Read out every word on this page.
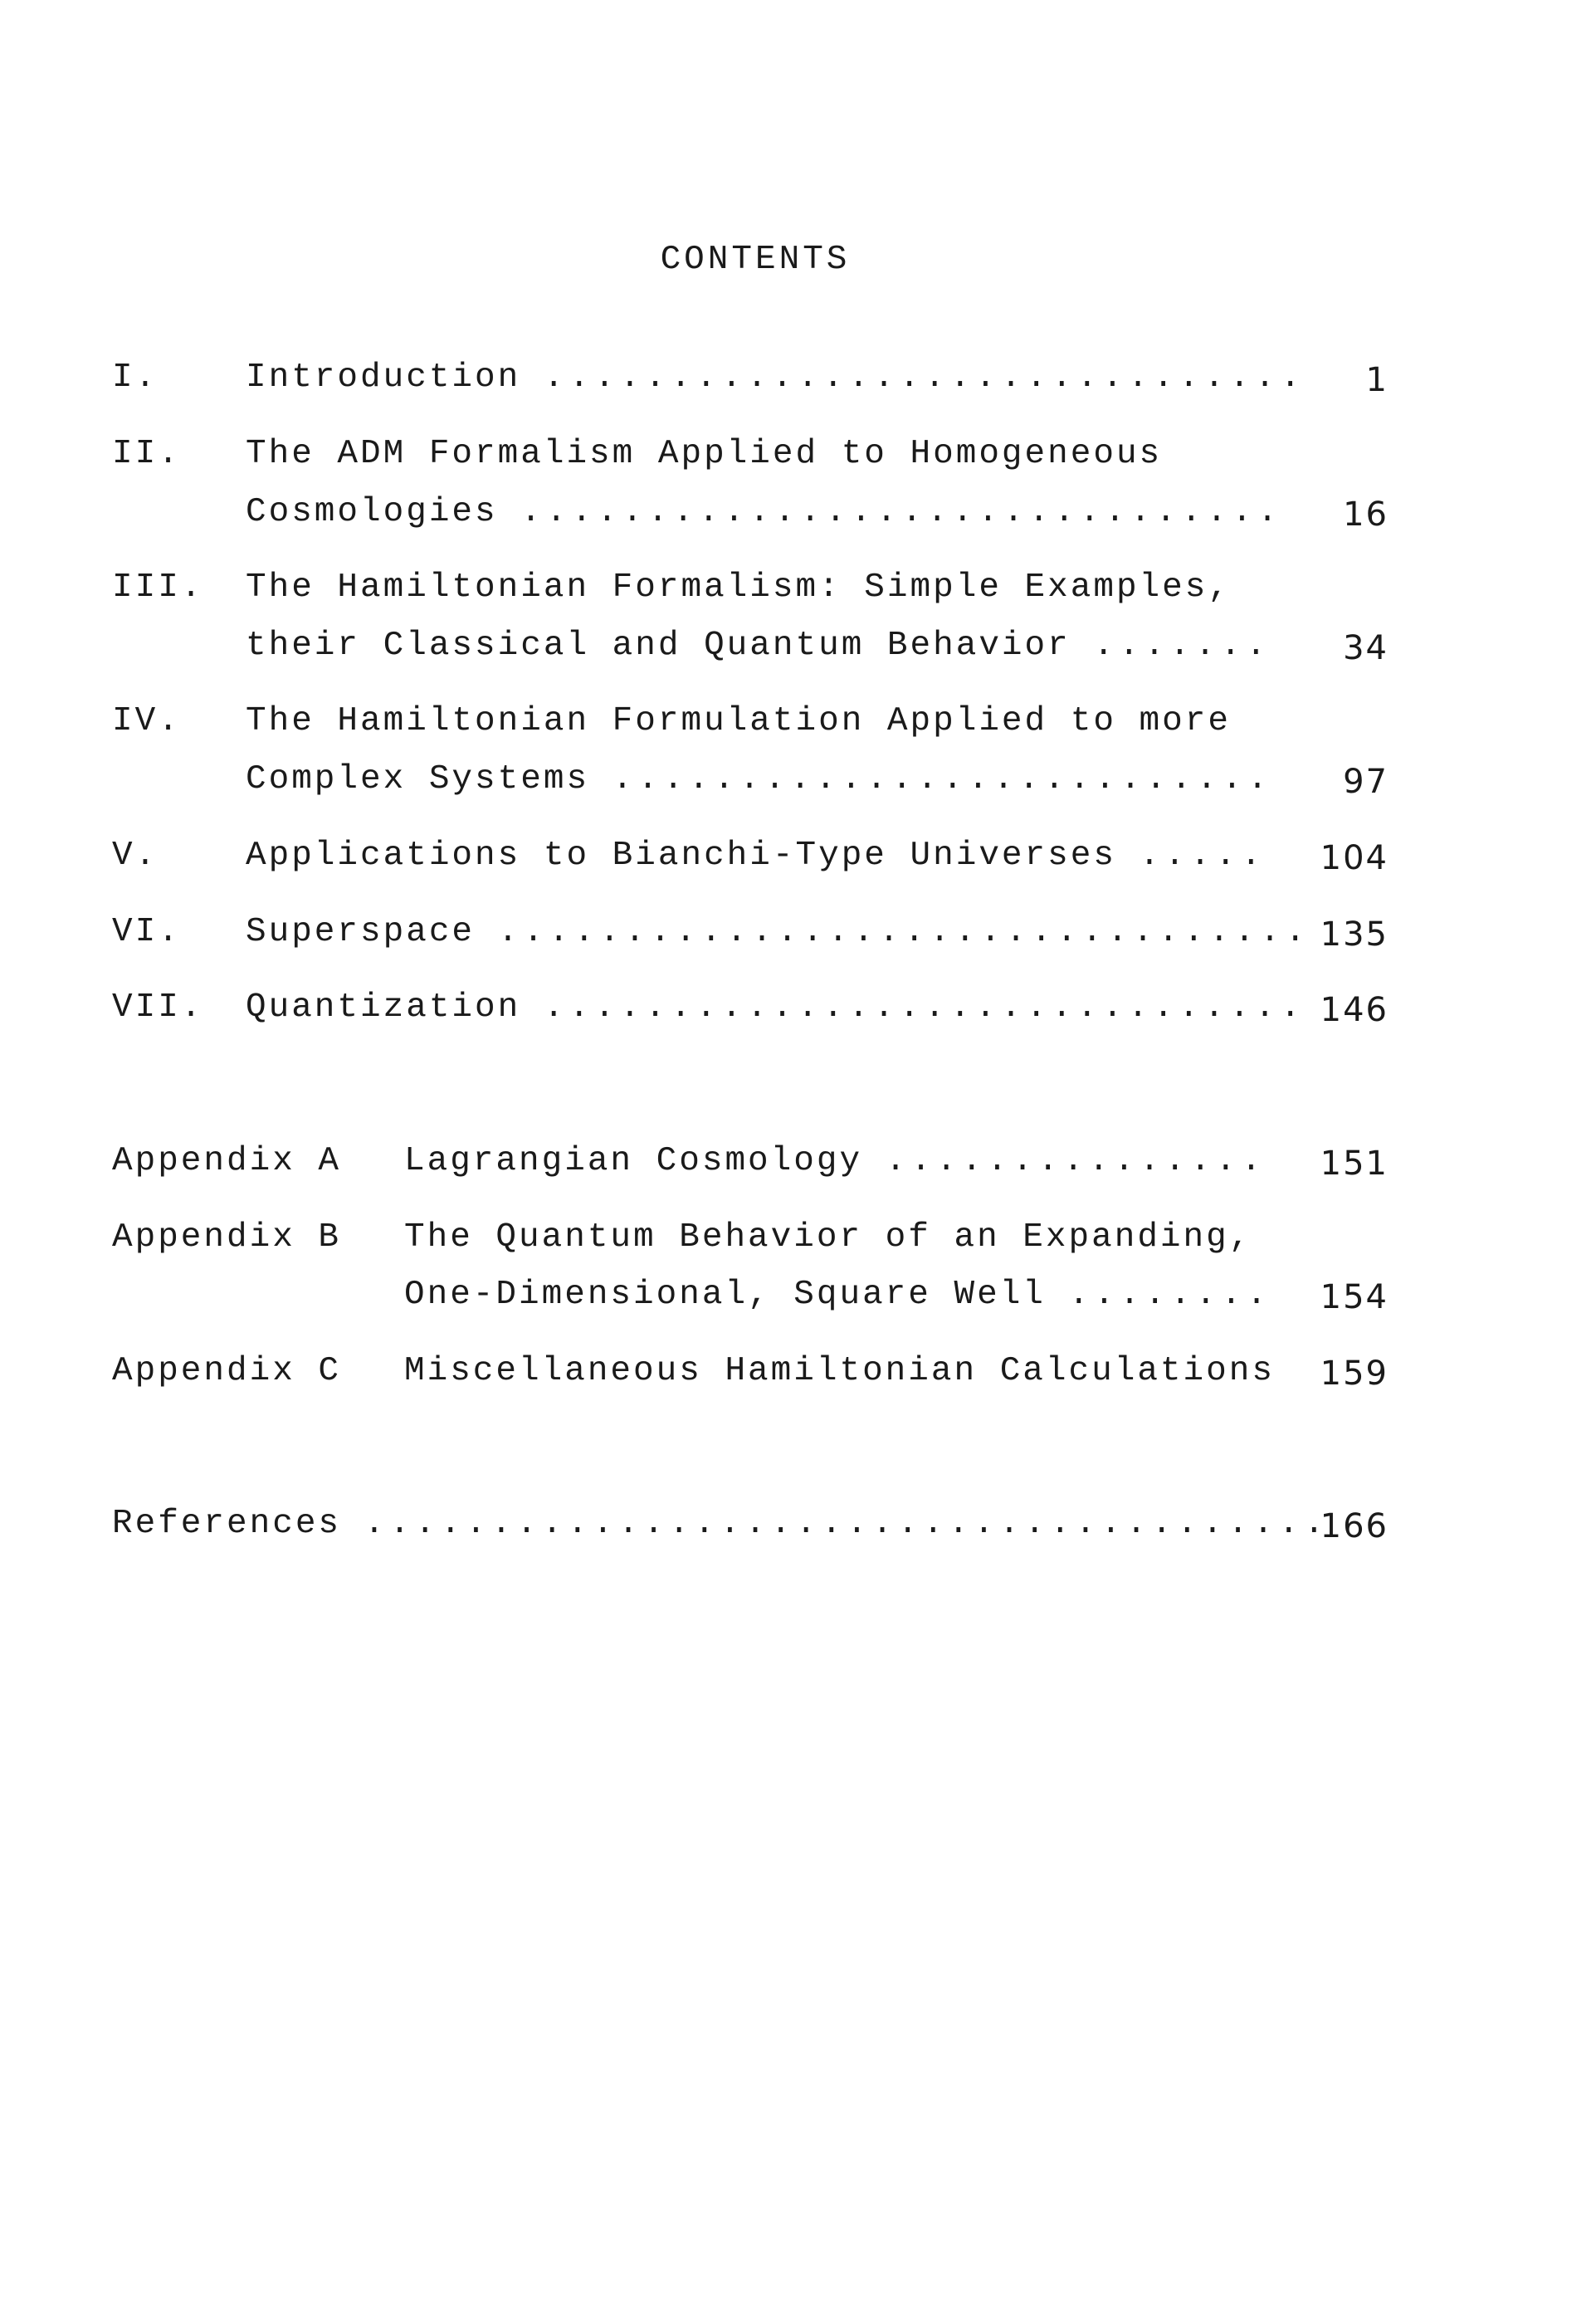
CONTENTS
I.	Introduction .............................. 1
II. The ADM Formalism Applied to Homogeneous
Cosmologies .............................. 16
III. The Hamiltonian Formalism: Simple Examples,
their Classical and Quantum Behavior ....... 34
IV. The Hamiltonian Formulation Applied to more
Complex Systems .......................... 97
V.	Applications to Bianchi-Type Universes ..... 104
VI. Superspace ................................ 135
VII. Quantization .............................. 146
Appendix A Lagrangian Cosmology ............... 151
Appendix B The Quantum Behavior of an Expanding,
One-Dimensional, Square Well ........ 154
Appendix C Miscellaneous Hamiltonian Calculations 159
References ......................................
166
